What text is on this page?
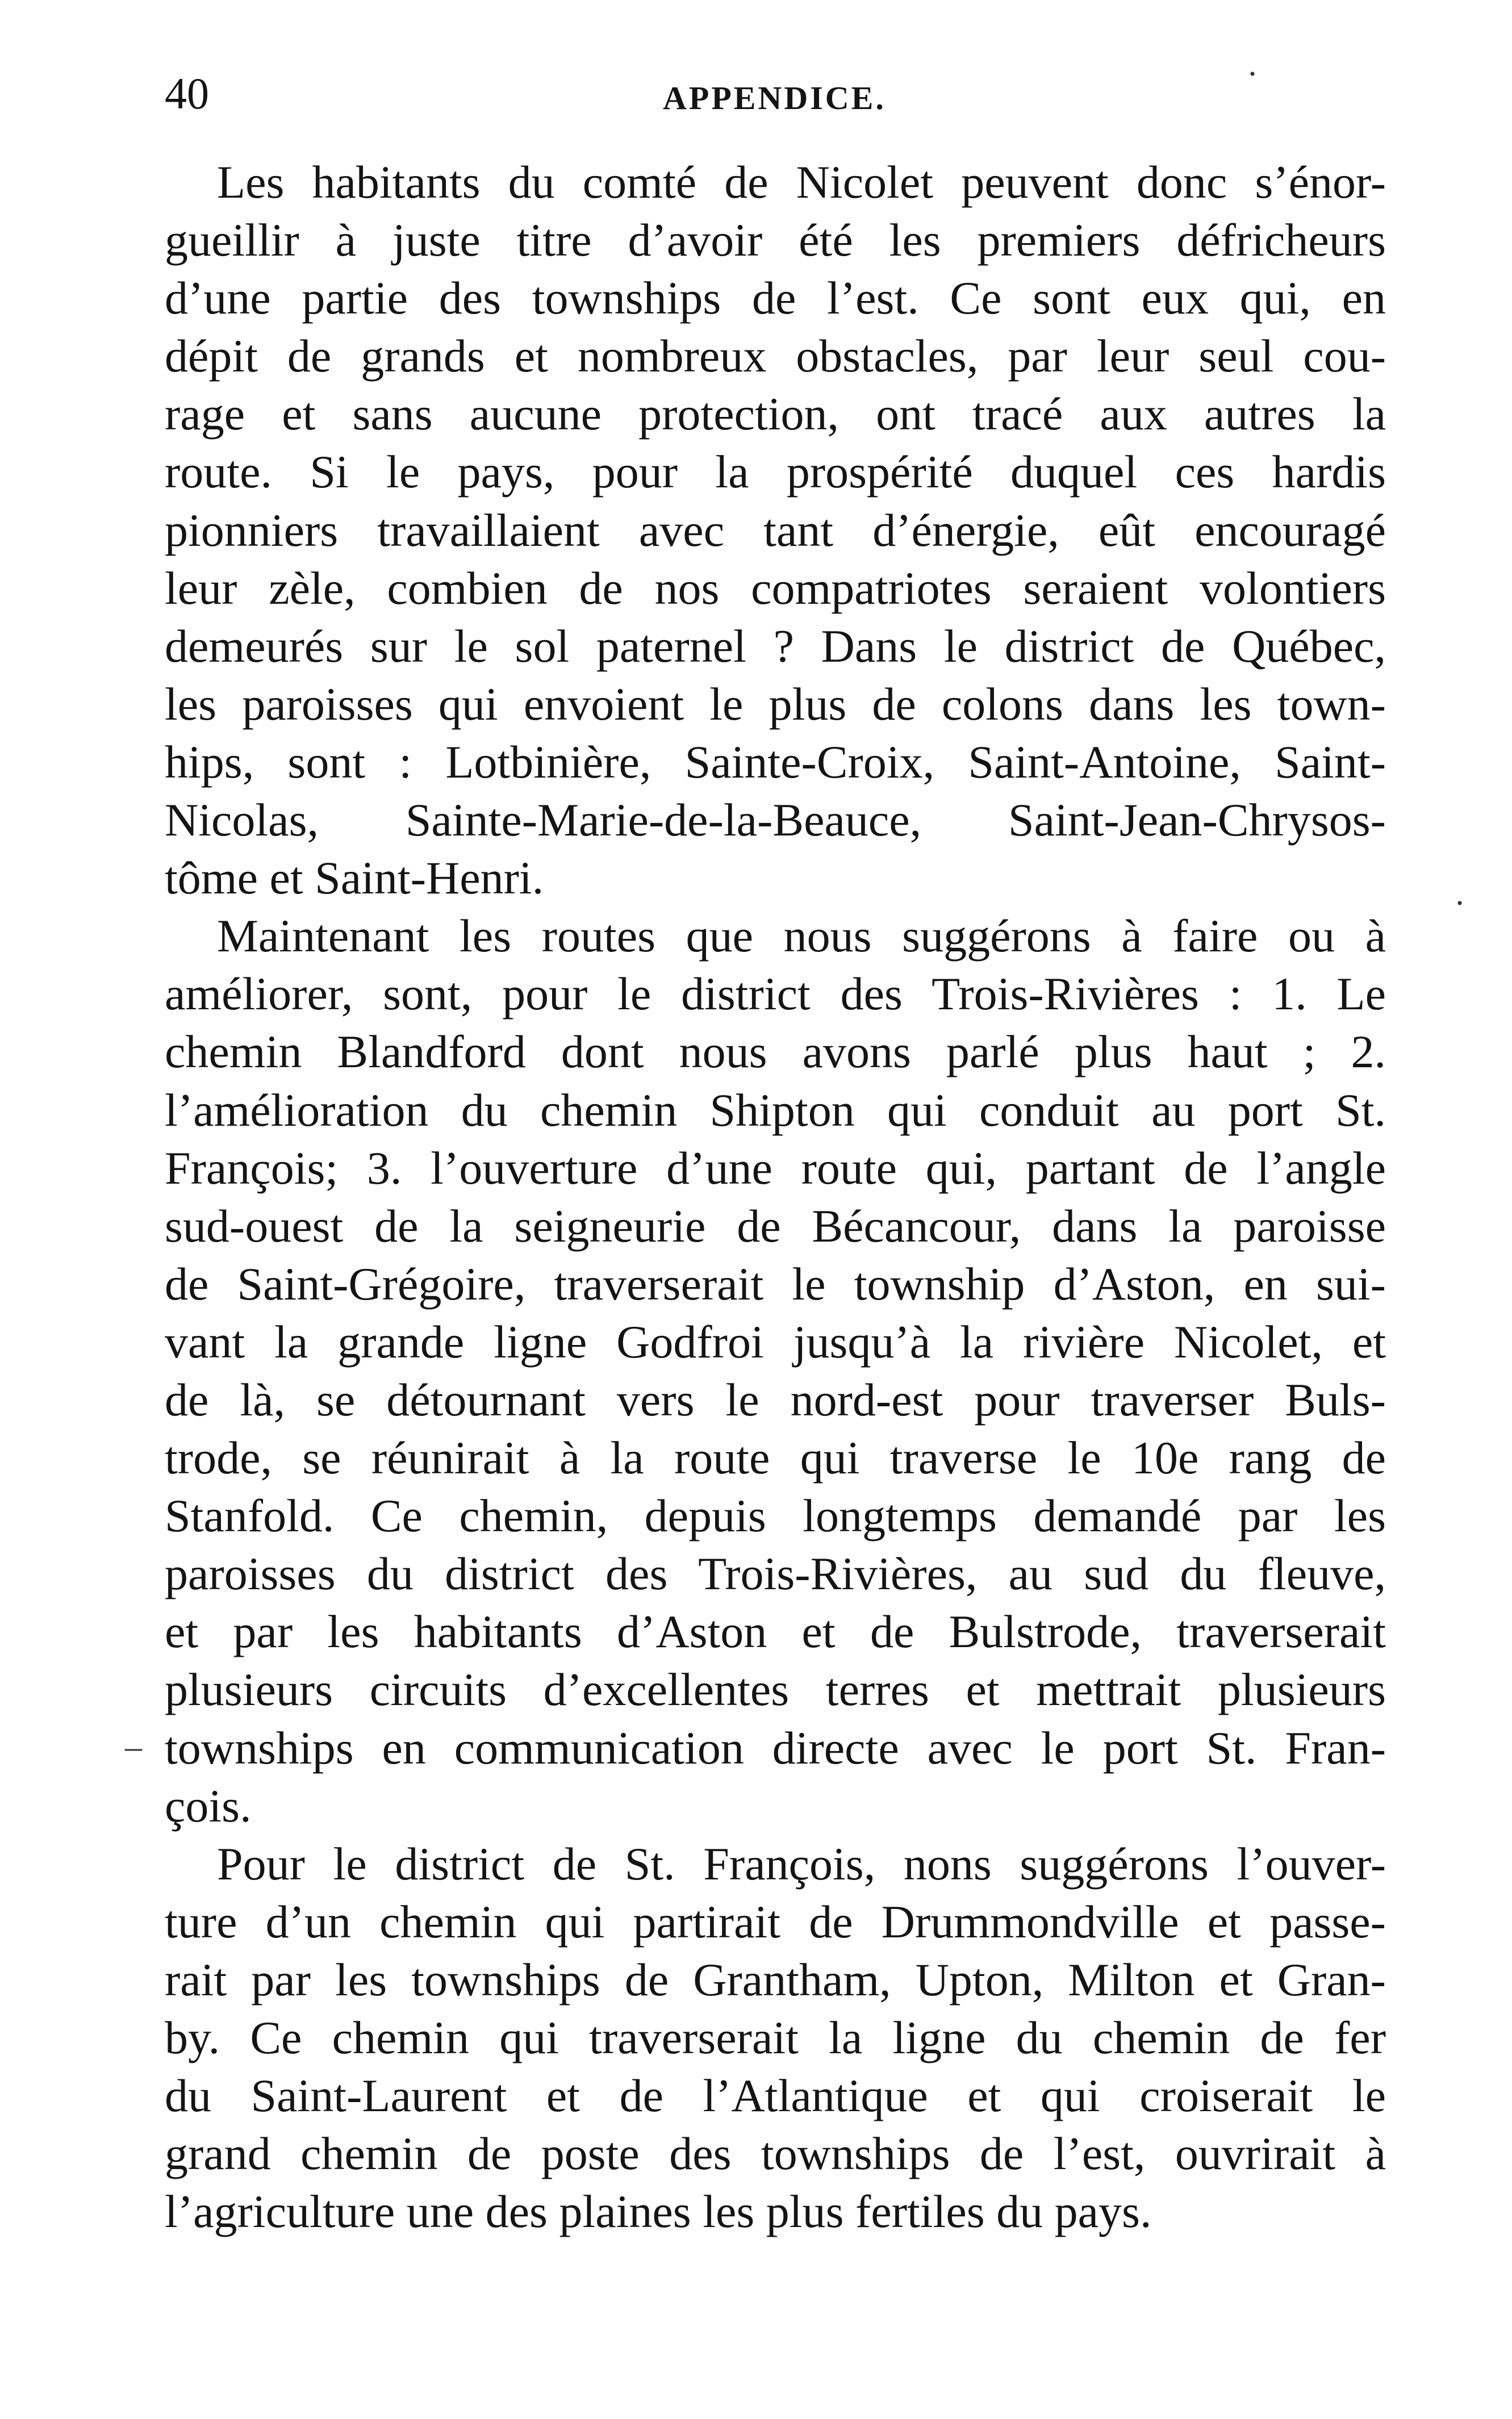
40	APPENDICE.

Les habitants du comté de Nicolet peuvent donc s’énor-
gueillir à juste titre d’avoir été les premiers défricheurs
d’une partie des townships de l’est. Ce sont eux qui, en
dépit de grands et nombreux obstacles, par leur seul cou-
rage et sans aucune protection, ont tracé aux autres la
route. Si le pays, pour la prospérité duquel ces hardis
pionniers travaillaient avec tant d’énergie, eût encouragé
leur zèle, combien de nos compatriotes seraient volontiers
demeurés sur le sol paternel ? Dans le district de Québec,
les paroisses qui envoient le plus de colons dans les town-
hips, sont : Lotbinière, Sainte-Croix, Saint-Antoine, Saint-
Nicolas, Sainte-Marie-de-la-Beauce, Saint-Jean-Chrysos-
tôme et Saint-Henri.

Maintenant les routes que nous suggérons à faire ou à
améliorer, sont, pour le district des Trois-Rivières : 1. Le
chemin Blandford dont nous avons parlé plus haut ; 2.
l’amélioration du chemin Shipton qui conduit au port St.
François; 3. l’ouverture d’une route qui, partant de l’angle
sud-ouest de la seigneurie de Bécancour, dans la paroisse
de Saint-Grégoire, traverserait le township d’Aston, en sui-
vant la grande ligne Godfroi jusqu’à la rivière Nicolet, et
de là, se détournant vers le nord-est pour traverser Buls-
trode, se réunirait à la route qui traverse le 10e rang de
Stanfold. Ce chemin, depuis longtemps demandé par les
paroisses du district des Trois-Rivières, au sud du fleuve,
et par les habitants d’Aston et de Bulstrode, traverserait
plusieurs circuits d’excellentes terres et mettrait plusieurs
townships en communication directe avec le port St. Fran-
çois.

Pour le district de St. François, nons suggérons l’ouver-
ture d’un chemin qui partirait de Drummondville et passe-
rait par les townships de Grantham, Upton, Milton et Gran-
by. Ce chemin qui traverserait la ligne du chemin de fer
du Saint-Laurent et de l’Atlantique et qui croiserait le
grand chemin de poste des townships de l’est, ouvrirait à
l’agriculture une des plaines les plus fertiles du pays.

·
·
–
